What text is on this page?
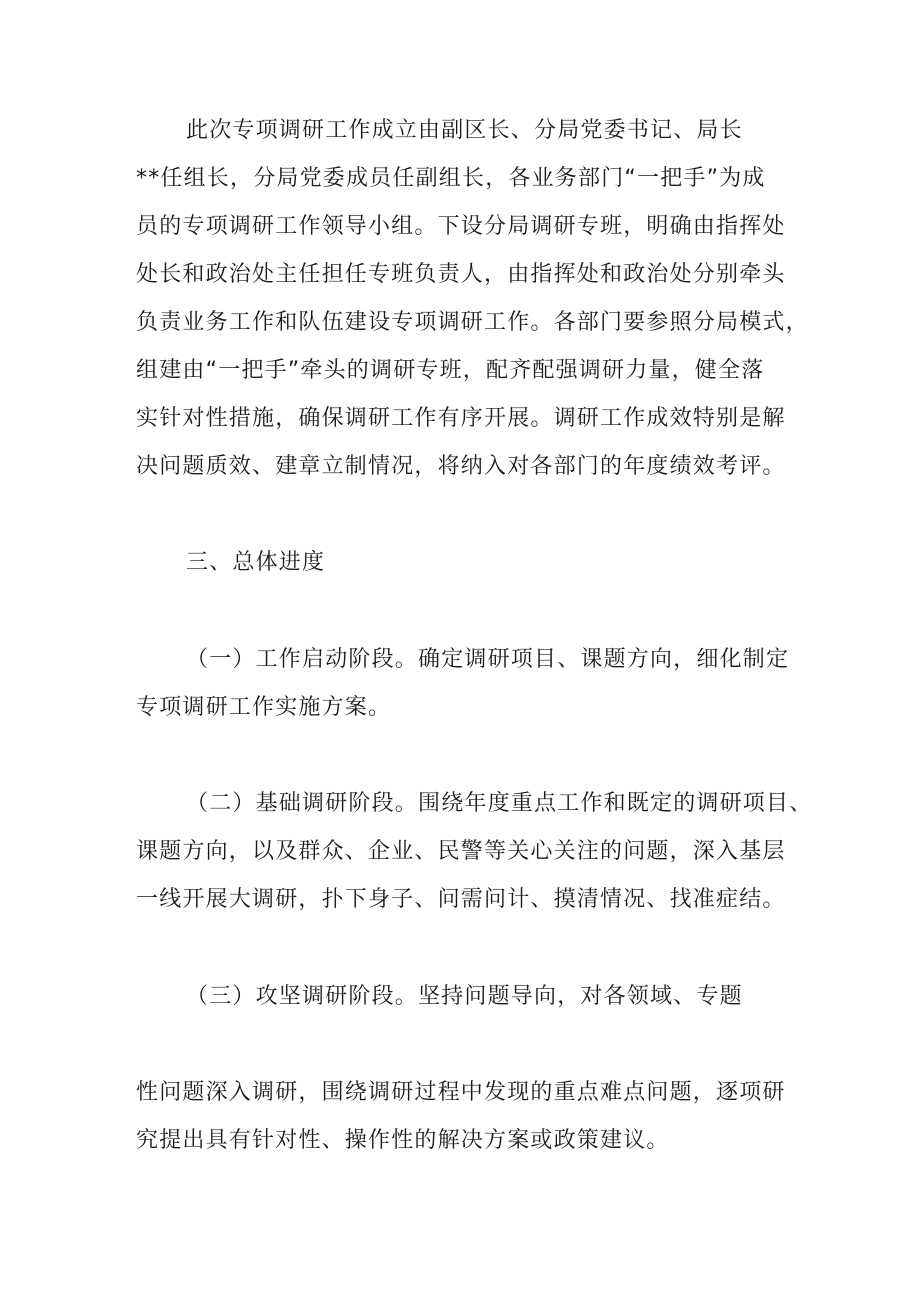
此次专项调研工作成立由副区长、分局党委书记、局长
**任组长，分局党委成员任副组长，各业务部门“一把手”为成
员的专项调研工作领导小组。下设分局调研专班，明确由指挥处
处长和政治处主任担任专班负责人，由指挥处和政治处分别牵头
负责业务工作和队伍建设专项调研工作。各部门要参照分局模式，
组建由“一把手”牵头的调研专班，配齐配强调研力量，健全落
实针对性措施，确保调研工作有序开展。调研工作成效特别是解
决问题质效、建章立制情况，将纳入对各部门的年度绩效考评。
三、总体进度
（一）工作启动阶段。确定调研项目、课题方向，细化制定
专项调研工作实施方案。
（二）基础调研阶段。围绕年度重点工作和既定的调研项目、
课题方向，以及群众、企业、民警等关心关注的问题，深入基层
一线开展大调研，扑下身子、问需问计、摸清情况、找准症结。
（三）攻坚调研阶段。坚持问题导向，对各领域、专题
性问题深入调研，围绕调研过程中发现的重点难点问题，逐项研
究提出具有针对性、操作性的解决方案或政策建议。
